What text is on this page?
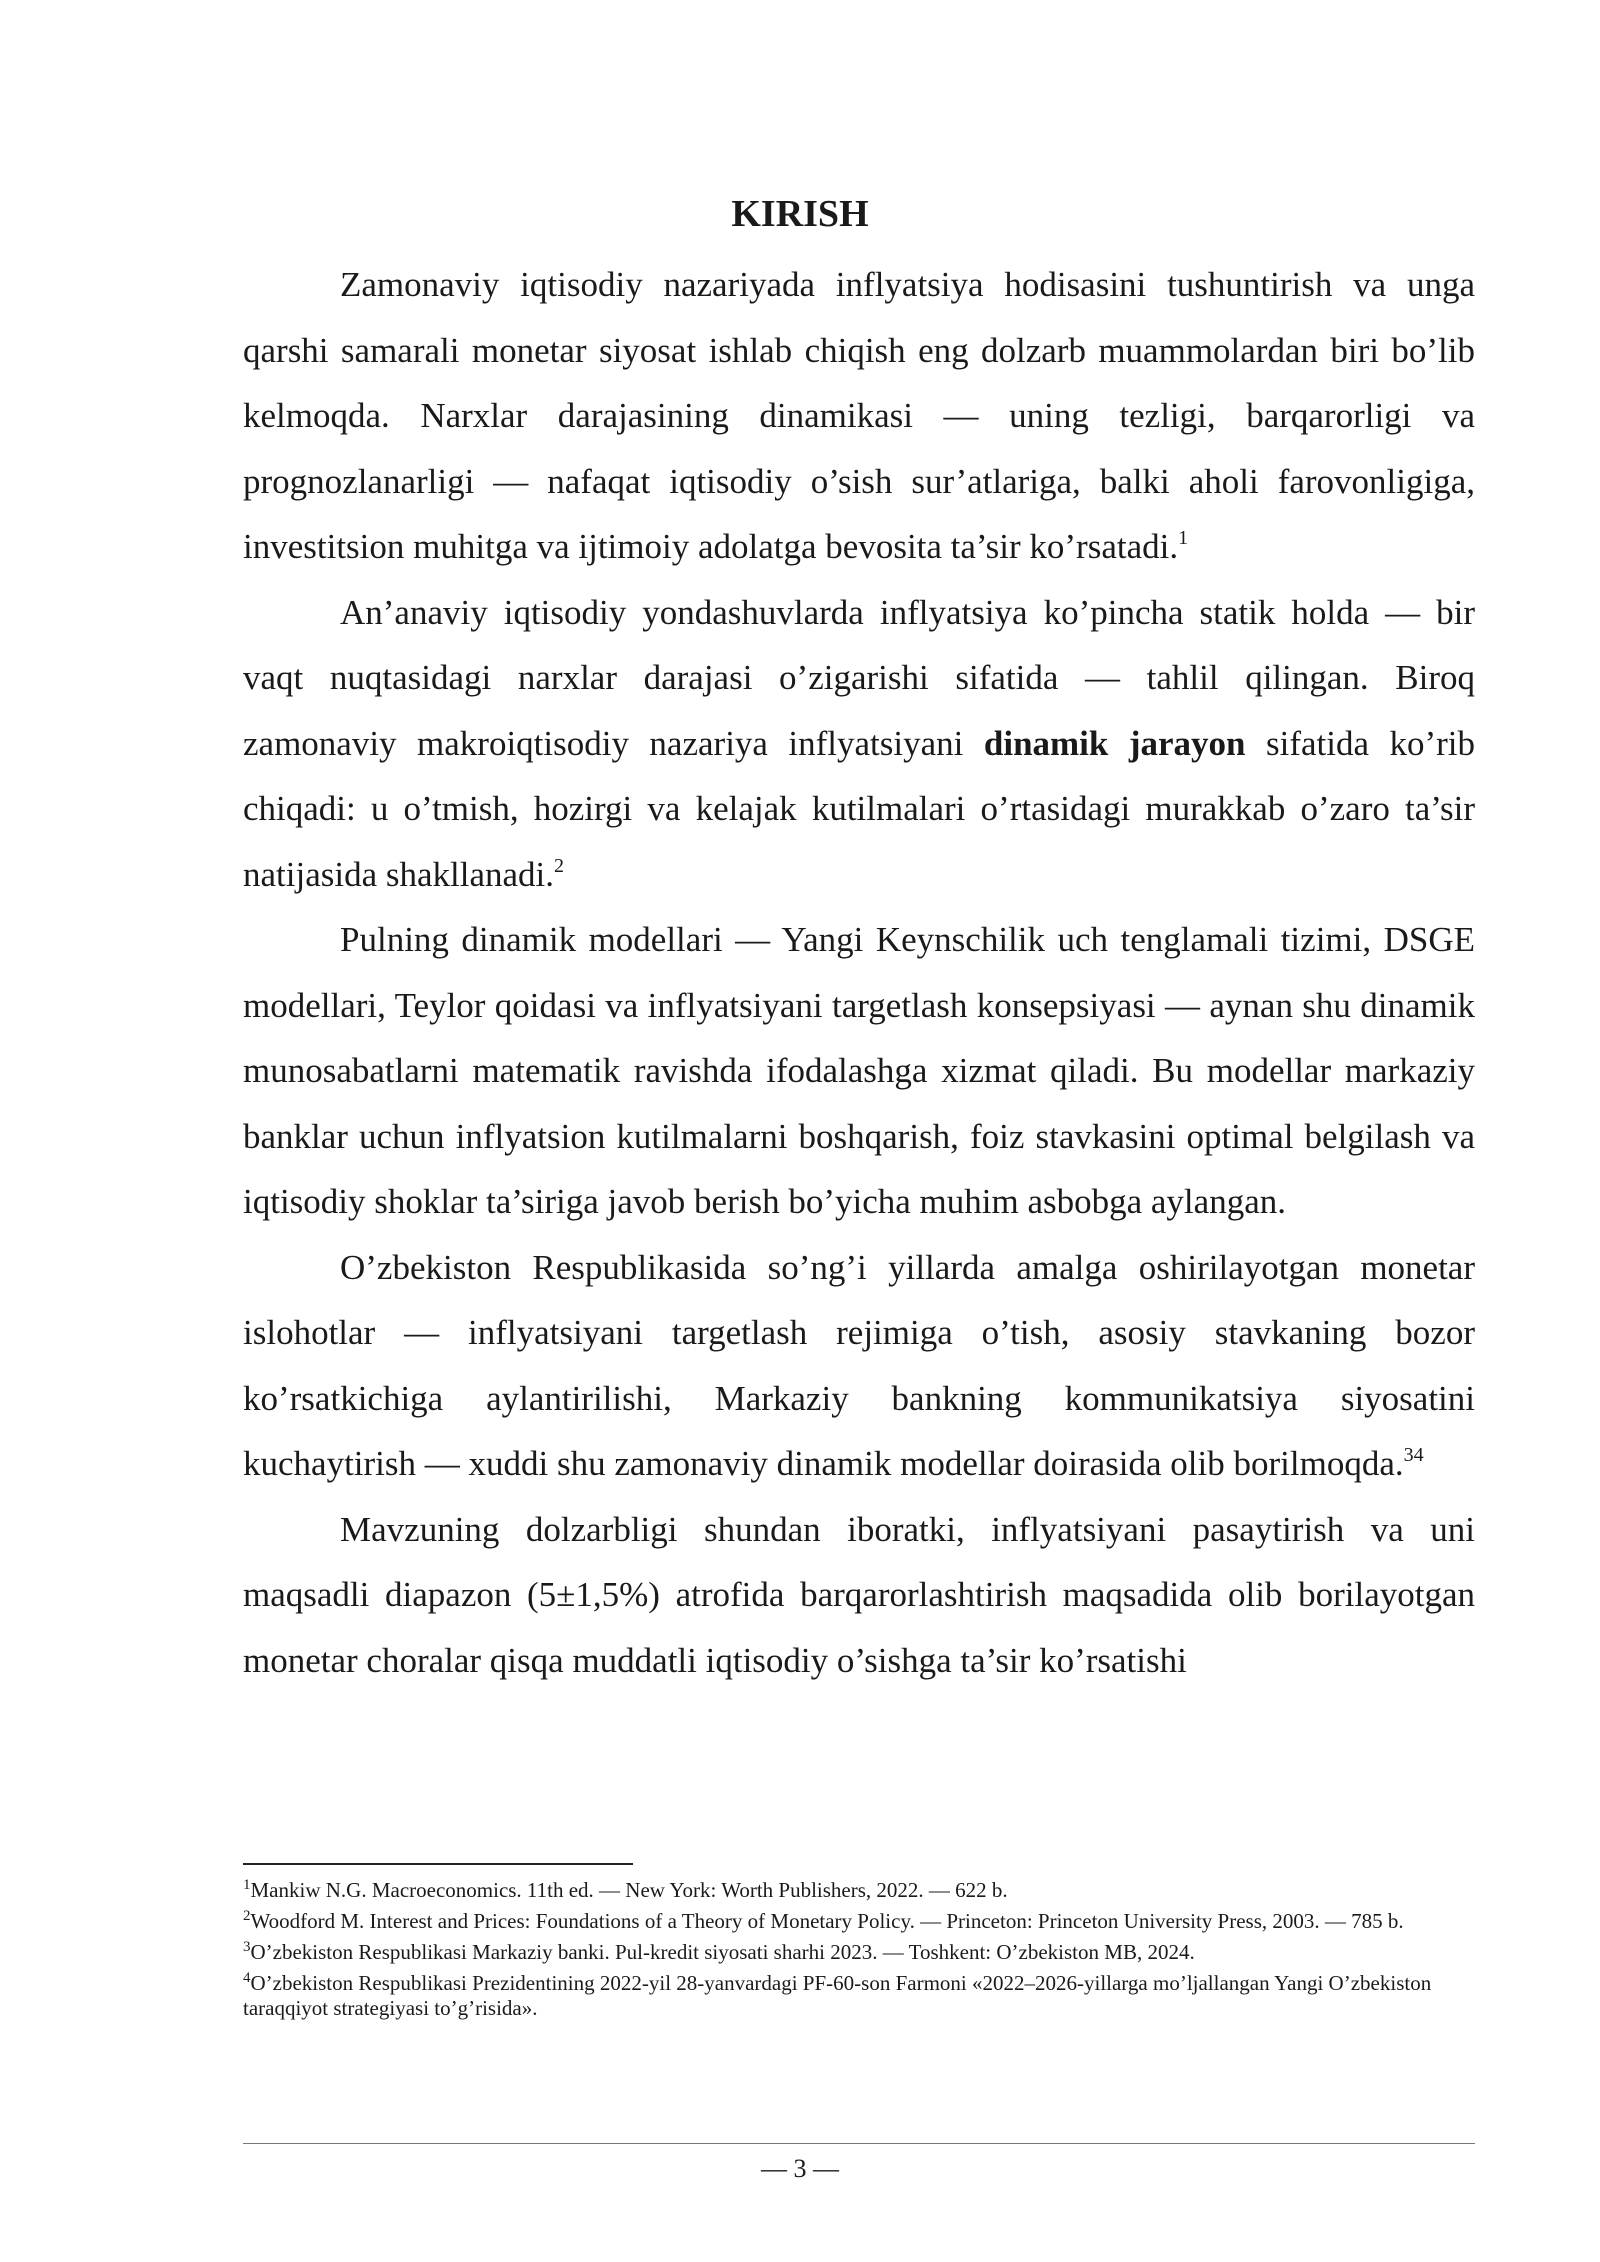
KIRISH

Zamonaviy iqtisodiy nazariyada inflyatsiya hodisasini tushuntirish va unga qarshi samarali monetar siyosat ishlab chiqish eng dolzarb muammolardan biri bo’lib kelmoqda. Narxlar darajasining dinamikasi — uning tezligi, barqarorligi va prognozlanarligi — nafaqat iqtisodiy o’sish sur’atlariga, balki aholi farovonligiga, investitsion muhitga va ijtimoiy adolatga bevosita ta’sir ko’rsatadi.$^1$

An’anaviy iqtisodiy yondashuvlarda inflyatsiya ko’pincha statik holda — bir vaqt nuqtasidagi narxlar darajasi o’zigarishi sifatida — tahlil qilingan. Biroq zamonaviy makroiqtisodiy nazariya inflyatsiyani dinamik jarayon sifatida ko’rib chiqadi: u o’tmish, hozirgi va kelajak kutilmalari o’rtasidagi murakkab o’zaro ta’sir natijasida shakllanadi.$^2$

Pulning dinamik modellari — Yangi Keynschilik uch tenglamali tizimi, DSGE modellari, Teylor qoidasi va inflyatsiyani targetlash konsepsiyasi — aynan shu dinamik munosabatlarni matematik ravishda ifodalashga xizmat qiladi. Bu modellar markaziy banklar uchun inflyatsion kutilmalarni boshqarish, foiz stavkasini optimal belgilash va iqtisodiy shoklar ta’siriga javob berish bo’yicha muhim asbobga aylangan.

O’zbekiston Respublikasida so’ng’i yillarda amalga oshirilayotgan monetar islohotlar — inflyatsiyani targetlash rejimiga o’tish, asosiy stavkaning bozor ko’rsatkichiga aylantirilishi, Markaziy bankning kommunikatsiya siyosatini kuchaytirish — xuddi shu zamonaviy dinamik modellar doirasida olib borilmoqda.$^{34}$

Mavzuning dolzarbligi shundan iboratki, inflyatsiyani pasaytirish va uni maqsadli diapazon (5±1,5%) atrofida barqarorlashtirish maqsadida olib borilayotgan monetar choralar qisqa muddatli iqtisodiy o’sishga ta’sir ko’rsatishi

$^1$Mankiw N.G. Macroeconomics. 11th ed. — New York: Worth Publishers, 2022. — 622 b.

$^2$Woodford M. Interest and Prices: Foundations of a Theory of Monetary Policy. — Princeton: Princeton University Press, 2003. — 785 b.

$^3$O’zbekiston Respublikasi Markaziy banki. Pul-kredit siyosati sharhi 2023. — Toshkent: O’zbekiston MB, 2024.

$^4$O’zbekiston Respublikasi Prezidentining 2022-yil 28-yanvardagi PF-60-son Farmoni «2022–2026-yillarga mo’ljallangan Yangi O’zbekiston taraqqiyot strategiyasi to’g’risida».

— 3 —
